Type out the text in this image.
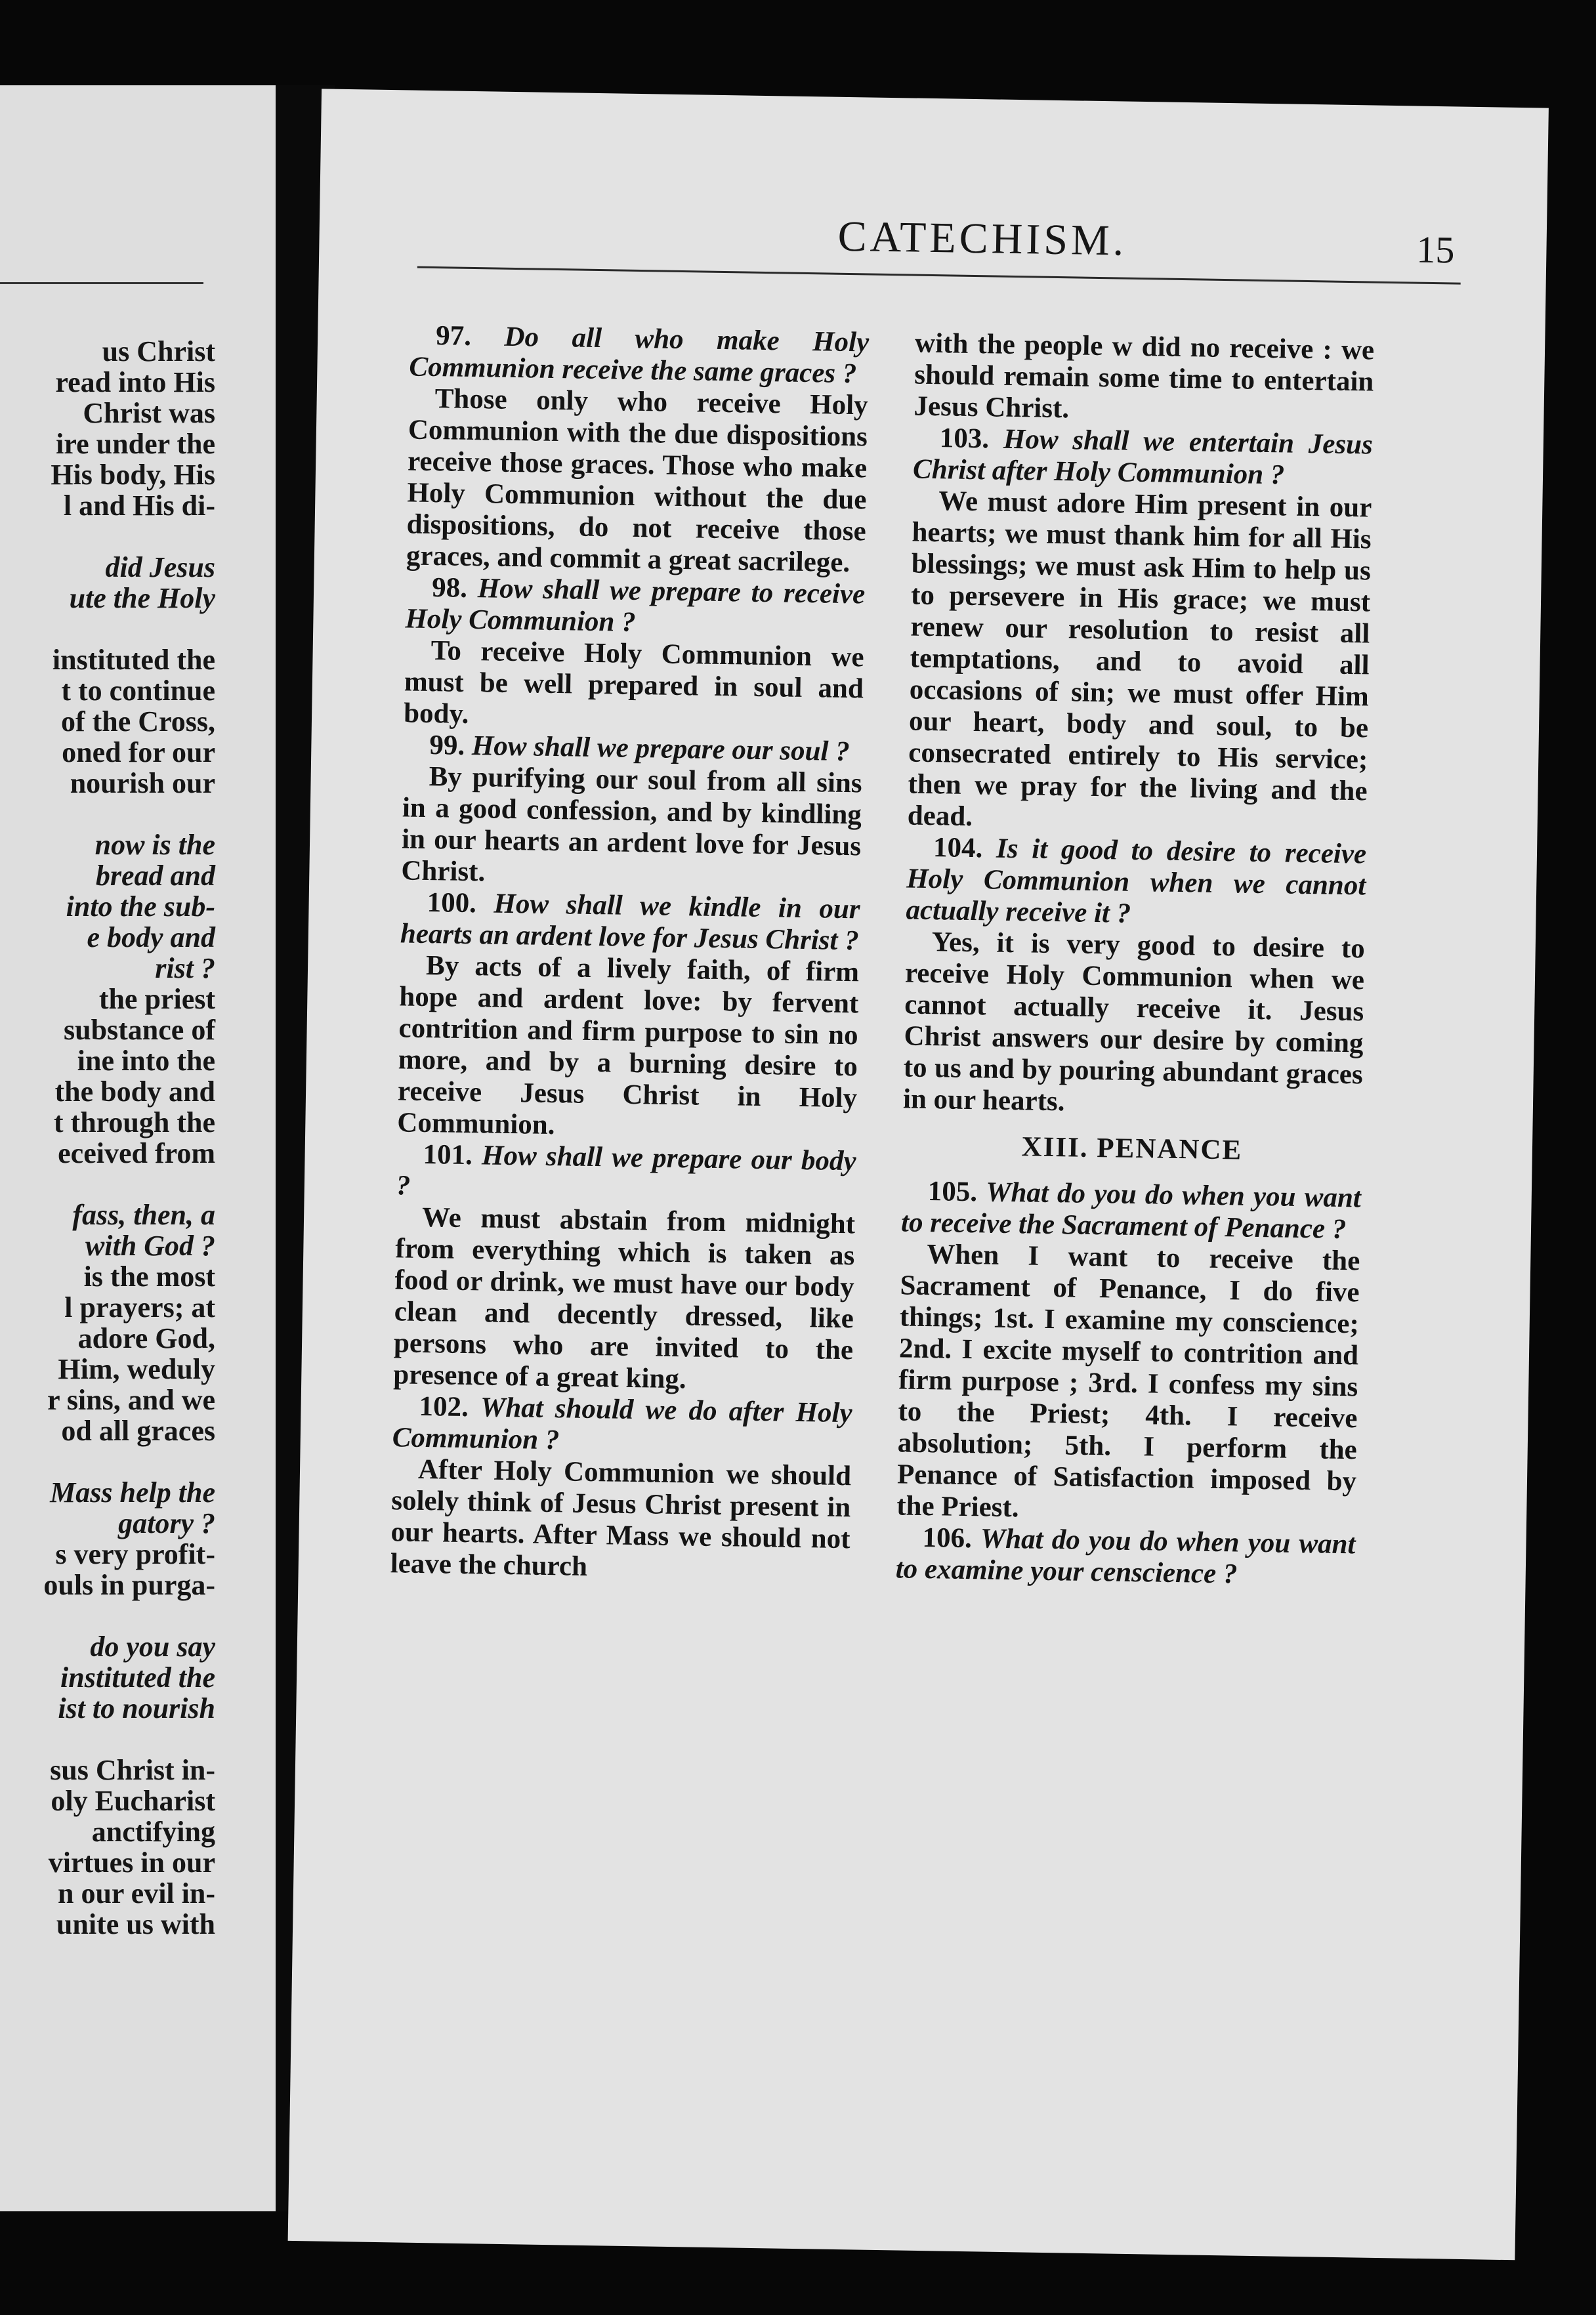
us Christ
read into His
Christ was
ire under the
His body, His
l and His di-
did Jesus
ute the Holy
instituted the
t to continue
of the Cross,
oned for our
nourish our
now is the
bread and
into the sub-
e body and
rist ?
the priest
substance of
ine into the
the body and
t through the
eceived from
fass, then, a
with God ?
is the most
l prayers; at
adore God,
Him, weduly
r sins, and we
od all graces
Mass help the
gatory ?
s very profit-
ouls in purga-
do you say
instituted the
ist to nourish
sus Christ in-
oly Eucharist
anctifying
virtues in our
n our evil in-
unite us with
CATECHISM.	15

97. Do all who make Holy Communion receive the same graces ?

Those only who receive Holy Communion with the due dispositions receive those graces. Those who make Holy Communion without the due dispositions, do not receive those graces, and commit a great sacrilege.

98. How shall we prepare to receive Holy Communion ?

To receive Holy Communion we must be well prepared in soul and body.

99. How shall we prepare our soul ?

By purifying our soul from all sins in a good confession, and by kindling in our hearts an ardent love for Jesus Christ.

100. How shall we kindle in our hearts an ardent love for Jesus Christ ?

By acts of a lively faith, of firm hope and ardent love: by fervent contrition and firm purpose to sin no more, and by a burning desire to receive Jesus Christ in Holy Communion.

101. How shall we prepare our body ?

We must abstain from midnight from everything which is taken as food or drink, we must have our body clean and decently dressed, like persons who are invited to the presence of a great king.

102. What should we do after Holy Communion ?

After Holy Communion we should solely think of Jesus Christ present in our hearts. After Mass we should not leave the church

with the people w did no receive : we should remain some time to entertain Jesus Christ.

103. How shall we entertain Jesus Christ after Holy Communion ?

We must adore Him present in our hearts; we must thank him for all His blessings; we must ask Him to help us to persevere in His grace; we must renew our resolution to resist all temptations, and to avoid all occasions of sin; we must offer Him our heart, body and soul, to be consecrated entirely to His service; then we pray for the living and the dead.

104. Is it good to desire to receive Holy Communion when we cannot actually receive it ?

Yes, it is very good to desire to receive Holy Communion when we cannot actually receive it. Jesus Christ answers our desire by coming to us and by pouring abundant graces in our hearts.

XIII. PENANCE

105. What do you do when you want to receive the Sacrament of Penance ?

When I want to receive the Sacrament of Penance, I do five things; 1st. I examine my conscience; 2nd. I excite myself to contrition and firm purpose ; 3rd. I confess my sins to the Priest; 4th. I receive absolution; 5th. I perform the Penance of Satisfaction imposed by the Priest.

106. What do you do when you want to examine your censcience ?
